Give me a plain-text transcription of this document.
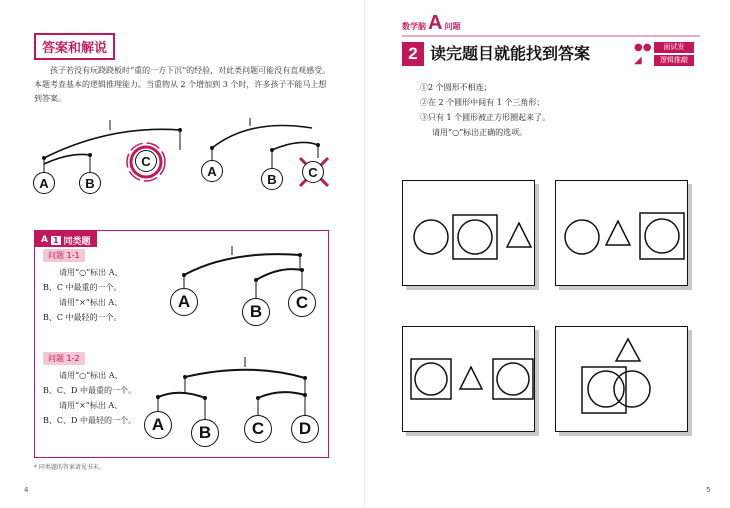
答案和解说

孩子若没有玩跷跷板时“重的一方下沉”的经验，对此类问题可能没有直观感受。本题考查基本的逻辑推理能力。当重物从 2 个增加到 3 个时，许多孩子不能马上想到答案。

A	B
C
A
B	C
A 1 同类题
问题 1-1
请用“○”标出 A、
B、C 中最重的一个。
请用“×”标出 A、
B、C 中最轻的一个。
问题 1-2
请用“○”标出 A、
B、C、D 中最重的一个。
请用“×”标出 A、
B、C、D 中最轻的一个。
A
B	C
A	B	C	D
* 同类题的答案请见书末。
4
数学脑 A 问题
2 读完题目就能找到答案	●●	面试发
◢	逻辑推敲
①2 个圆形不相连；
②在 2 个圆形中间有 1 个三角形；
③只有 1 个圆形被正方形圈起来了。
请用“○”标出正确的选项。
5
